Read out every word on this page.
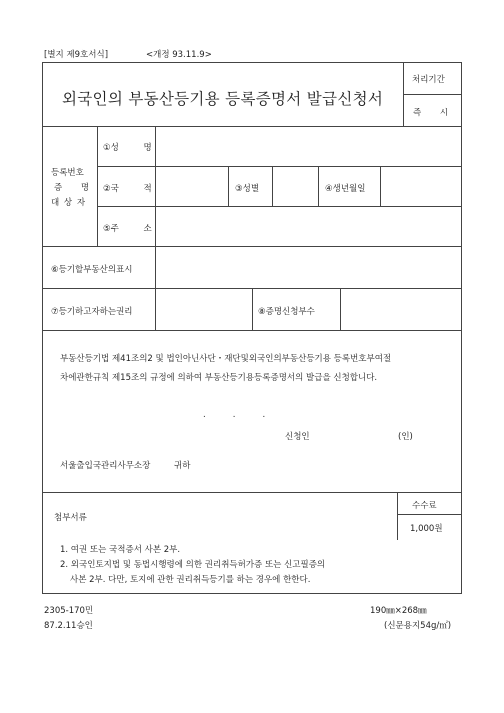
[별지 제9호서식]	<개정 93.11.9>
외국인의 부동산등기용 등록증명서 발급신청서
처리기간
즉 시
등록번호
증 명
대 상 자
①성 명
②국 적	③성별	④생년월일
⑤주 소
⑥등기할부동산의표시
⑦등기하고자하는권리	⑧증명신청부수
부동산등기법 제41조의2 및 법인아닌사단・재단및외국인의부동산등기용 등록번호부여절
차에관한규칙 제15조의 규정에 의하여 부동산등기용등록증명서의 발급을 신청합니다.
.          .          .
신청인	(인)
서울출입국관리사무소장	귀하
첨부서류
수수료
1,000원
1. 여권 또는 국적증서 사본 2부.
2. 외국인토지법 및 동법시행령에 의한 권리취득허가증 또는 신고필증의
사본 2부. 다만, 토지에 관한 권리취득등기를 하는 경우에 한한다.
2305-170민
87.2.11승인
190㎜×268㎜
(신문용지54g/㎡)
